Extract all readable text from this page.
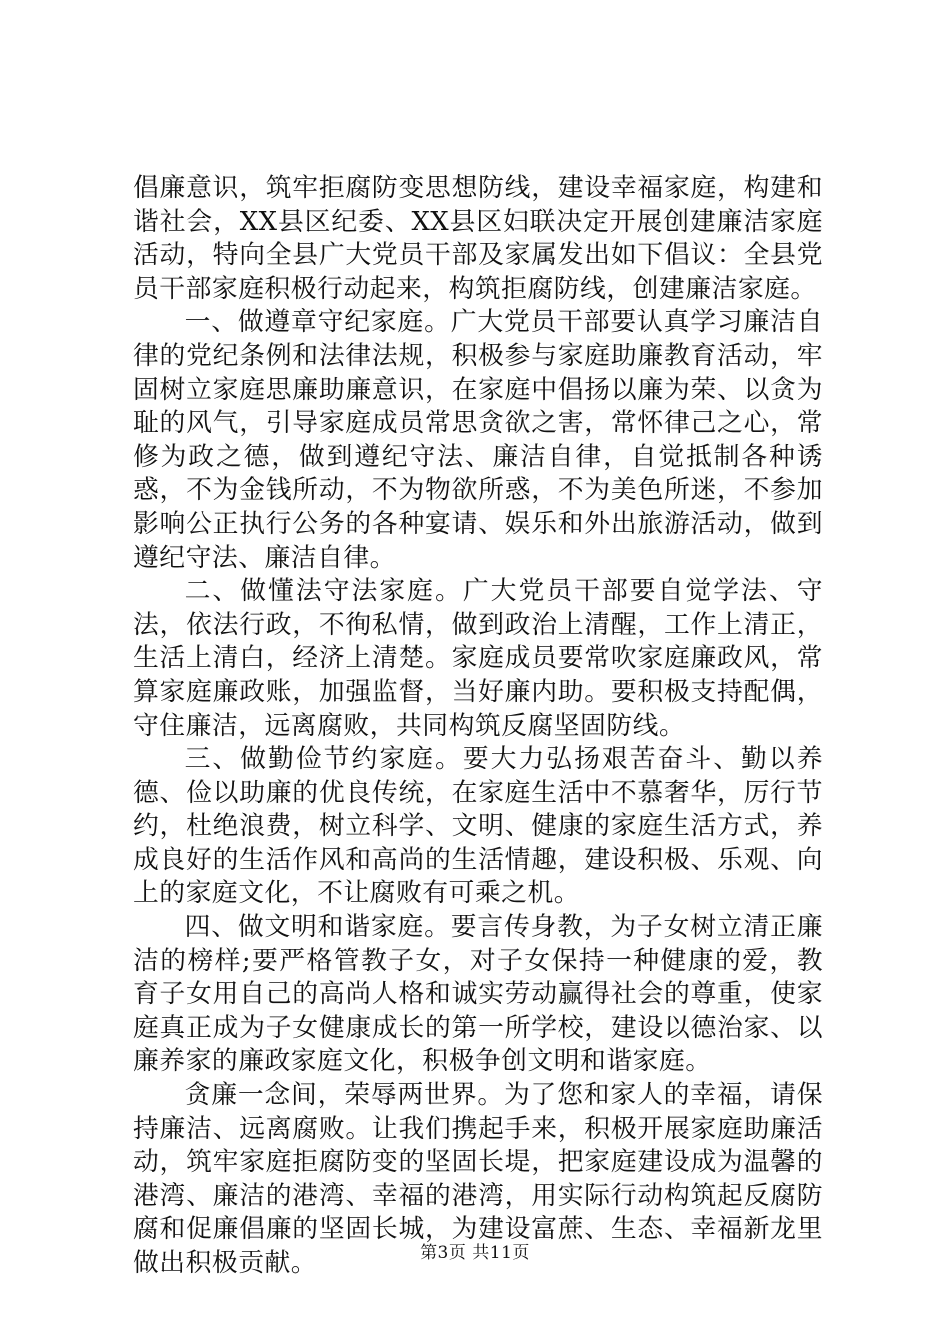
倡廉意识，筑牢拒腐防变思想防线，建设幸福家庭，构建和谐社会，XX县区纪委、XX县区妇联决定开展创建廉洁家庭活动，特向全县广大党员干部及家属发出如下倡议：全县党员干部家庭积极行动起来，构筑拒腐防线，创建廉洁家庭。

一、做遵章守纪家庭。广大党员干部要认真学习廉洁自律的党纪条例和法律法规，积极参与家庭助廉教育活动，牢固树立家庭思廉助廉意识，在家庭中倡扬以廉为荣、以贪为耻的风气，引导家庭成员常思贪欲之害，常怀律己之心，常修为政之德，做到遵纪守法、廉洁自律，自觉抵制各种诱惑，不为金钱所动，不为物欲所惑，不为美色所迷，不参加影响公正执行公务的各种宴请、娱乐和外出旅游活动，做到遵纪守法、廉洁自律。

二、做懂法守法家庭。广大党员干部要自觉学法、守法，依法行政，不徇私情，做到政治上清醒，工作上清正，生活上清白，经济上清楚。家庭成员要常吹家庭廉政风，常算家庭廉政账，加强监督，当好廉内助。要积极支持配偶，守住廉洁，远离腐败，共同构筑反腐坚固防线。

三、做勤俭节约家庭。要大力弘扬艰苦奋斗、勤以养德、俭以助廉的优良传统，在家庭生活中不慕奢华，厉行节约，杜绝浪费，树立科学、文明、健康的家庭生活方式，养成良好的生活作风和高尚的生活情趣，建设积极、乐观、向上的家庭文化，不让腐败有可乘之机。

四、做文明和谐家庭。要言传身教，为子女树立清正廉洁的榜样;要严格管教子女，对子女保持一种健康的爱，教育子女用自己的高尚人格和诚实劳动赢得社会的尊重，使家庭真正成为子女健康成长的第一所学校，建设以德治家、以廉养家的廉政家庭文化，积极争创文明和谐家庭。

贪廉一念间，荣辱两世界。为了您和家人的幸福，请保持廉洁、远离腐败。让我们携起手来，积极开展家庭助廉活动，筑牢家庭拒腐防变的坚固长堤，把家庭建设成为温馨的港湾、廉洁的港湾、幸福的港湾，用实际行动构筑起反腐防腐和促廉倡廉的坚固长城，为建设富蔗、生态、幸福新龙里做出积极贡献。	第3页 共11页
